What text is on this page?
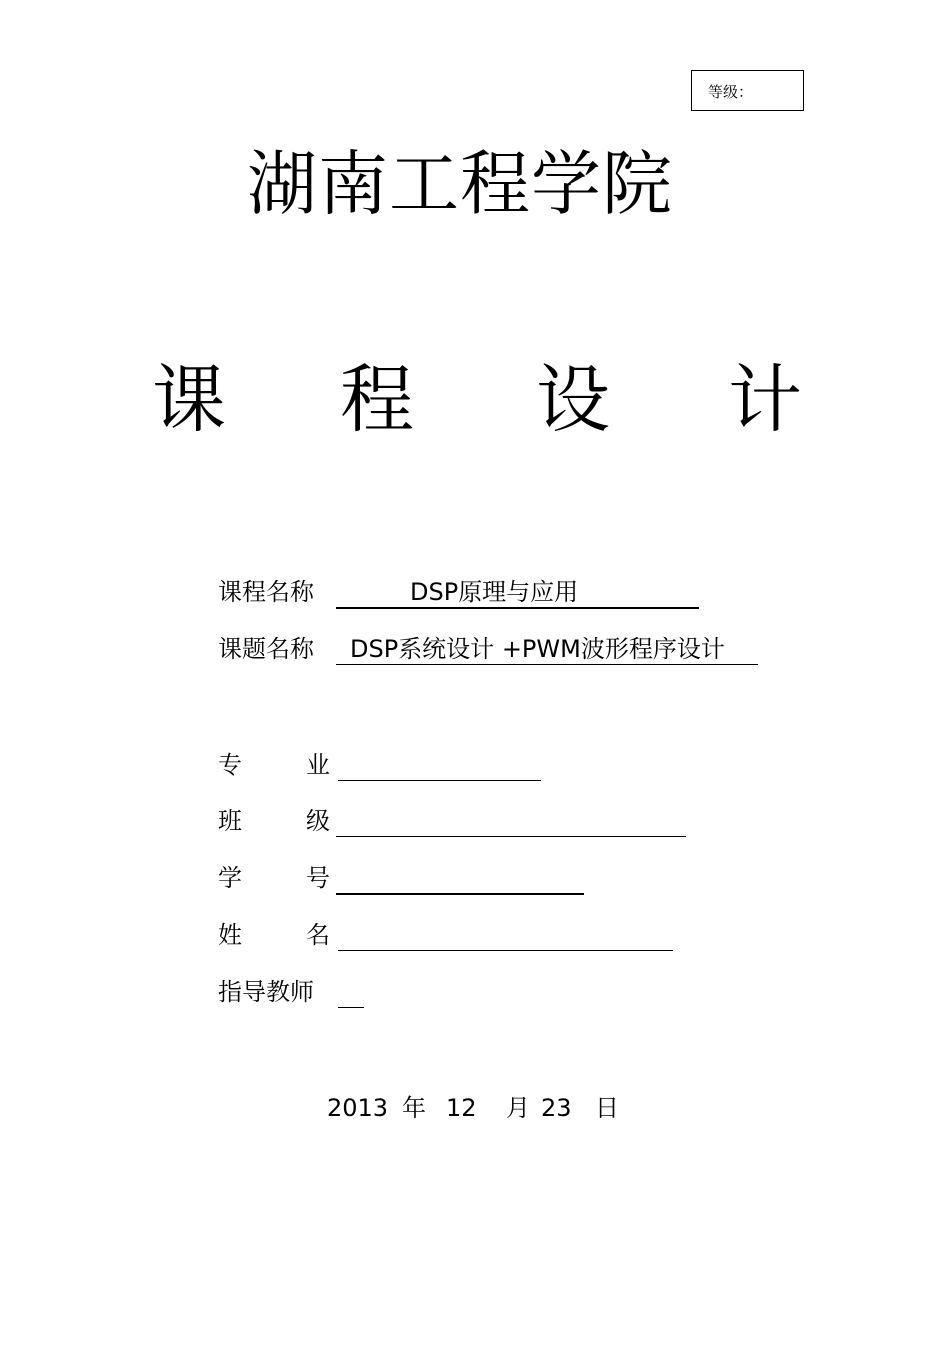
等级：
湖南工程学院
课 程 设 计
课程名称	DSP原理与应用
课题名称 DSP系统设计 +PWM波形程序设计
专	业
班	级
学	号
姓	名
指导教师
2013 年 12 月 23 日
